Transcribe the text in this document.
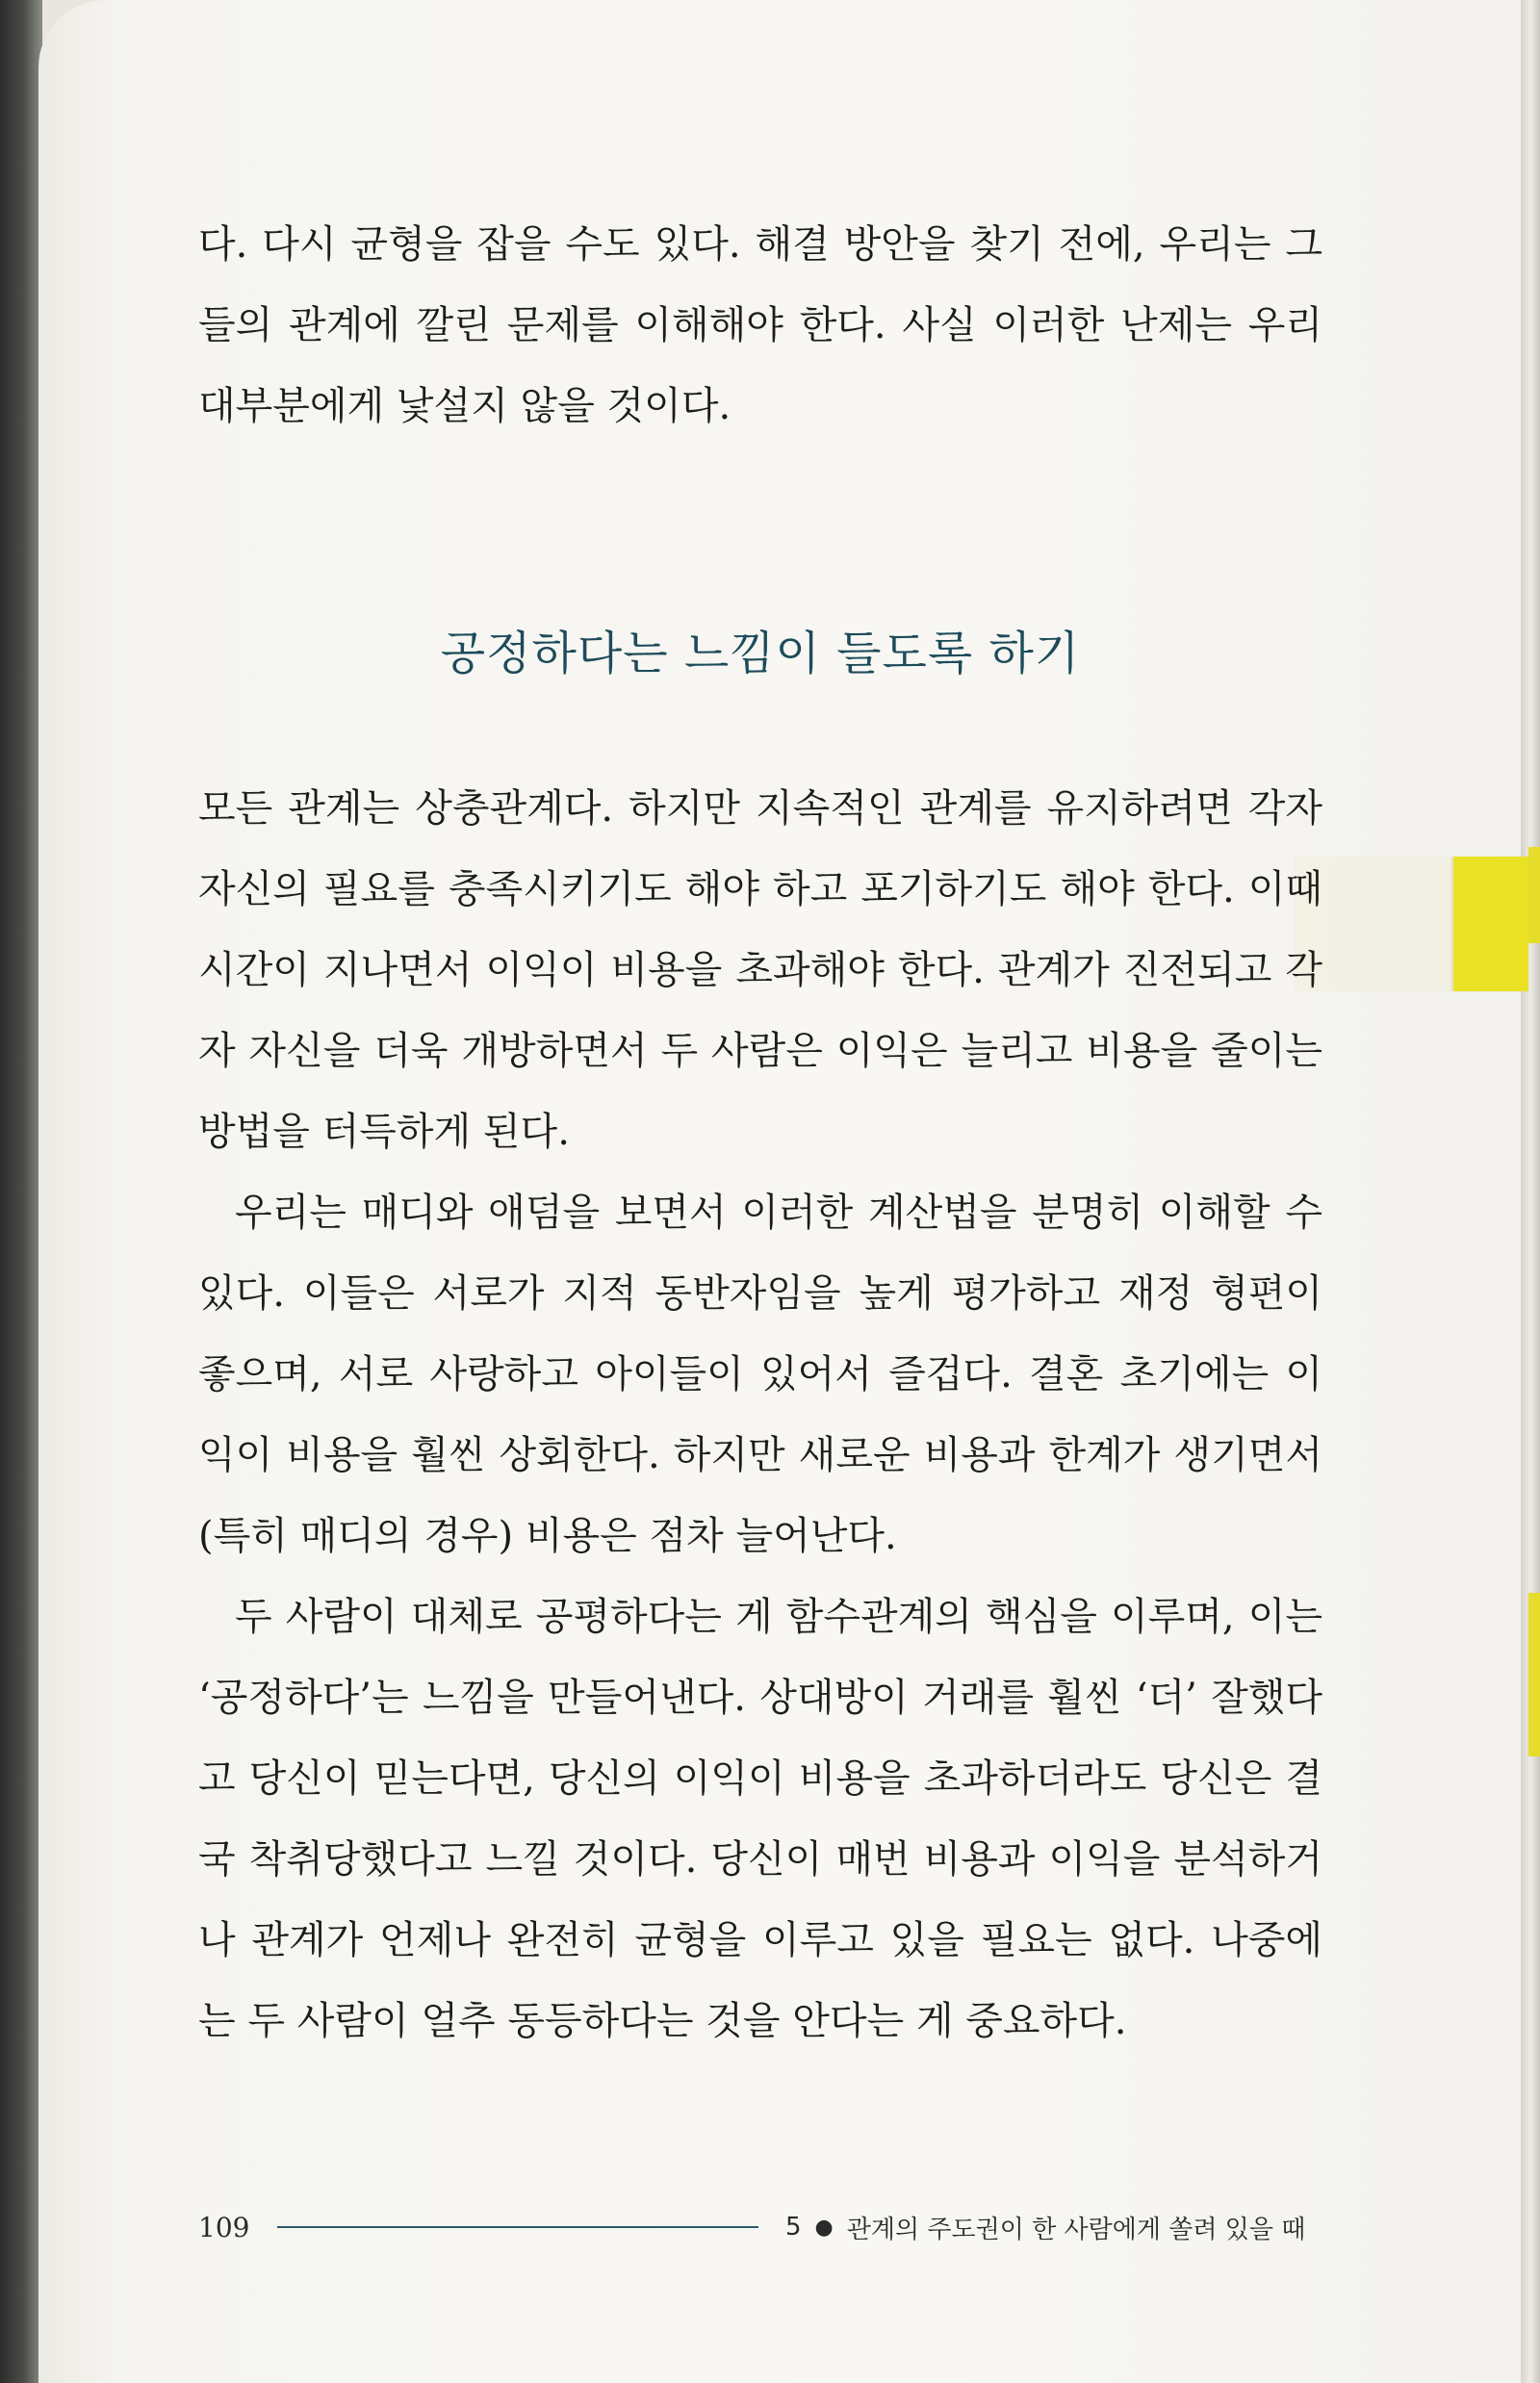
다. 다시 균형을 잡을 수도 있다. 해결 방안을 찾기 전에, 우리는 그들의 관계에 깔린 문제를 이해해야 한다. 사실 이러한 난제는 우리 대부분에게 낯설지 않을 것이다.

공정하다는 느낌이 들도록 하기

모든 관계는 상충관계다. 하지만 지속적인 관계를 유지하려면 각자 자신의 필요를 충족시키기도 해야 하고 포기하기도 해야 한다. 이때 시간이 지나면서 이익이 비용을 초과해야 한다. 관계가 진전되고 각자 자신을 더욱 개방하면서 두 사람은 이익은 늘리고 비용을 줄이는 방법을 터득하게 된다.

우리는 매디와 애덤을 보면서 이러한 계산법을 분명히 이해할 수 있다. 이들은 서로가 지적 동반자임을 높게 평가하고 재정 형편이 좋으며, 서로 사랑하고 아이들이 있어서 즐겁다. 결혼 초기에는 이익이 비용을 훨씬 상회한다. 하지만 새로운 비용과 한계가 생기면서(특히 매디의 경우) 비용은 점차 늘어난다.

두 사람이 대체로 공평하다는 게 함수관계의 핵심을 이루며, 이는 ‘공정하다’는 느낌을 만들어낸다. 상대방이 거래를 훨씬 ‘더’ 잘했다고 당신이 믿는다면, 당신의 이익이 비용을 초과하더라도 당신은 결국 착취당했다고 느낄 것이다. 당신이 매번 비용과 이익을 분석하거나 관계가 언제나 완전히 균형을 이루고 있을 필요는 없다. 나중에는 두 사람이 얼추 동등하다는 것을 안다는 게 중요하다.

109	5 ● 관계의 주도권이 한 사람에게 쏠려 있을 때
